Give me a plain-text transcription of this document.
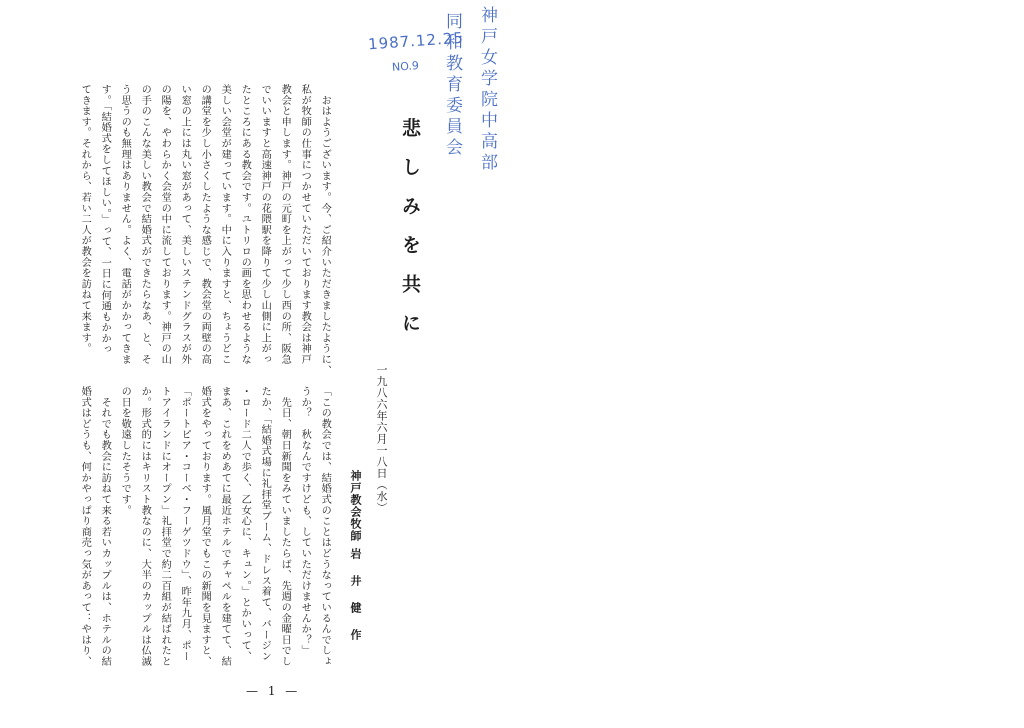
1987.12.25
NO.9	神戸女学院中高部
同和教育委員会
悲しみを共に
一九八六年六月一八日（水）
神戸教会牧師岩井健作
「この教会では、結婚式のことはどうなっているんでしょ
うか？　秋なんですけども、していただけませんか？」
　先日、朝日新聞をみていましたらば、先週の金曜日でし
たか、「結婚式場に礼拝堂ブーム、ドレス着て、バージン
・ロード二人で歩く、乙女心に、キュン。」とかいって、
まあ、これをめあてに最近ホテルでチャペルを建てて、結
婚式をやっております。風月堂でもこの新聞を見ますと、
「ポートピア・コーベ・フーゲツドウ」、昨年九月、ポー
トアイランドにオープン」礼拝堂で約二百組が結ばれたと
か。形式的にはキリスト教なのに、大半のカップルは仏滅
の日を敬遠したそうです。
　それでも教会に訪ねて来る若いカップルは、ホテルの結
婚式はどうも、何かやっぱり商売っ気があって：やはり、
　おはようございます。今、ご紹介いただきましたように、
私が牧師の仕事につかせていただいております教会は神戸
教会と申します。神戸の元町を上がって少し西の所、阪急
でいいますと高速神戸の花隈駅を降りて少し山側に上がっ
たところにある教会です。ユトリロの画を思わせるような
美しい会堂が建っています。中に入りますと、ちょうどこ
の講堂を少し小さくしたような感じで、教会堂の両壁の高
い窓の上には丸い窓があって、美しいステンドグラスが外
の陽を、やわらかく会堂の中に流しております。神戸の山
の手のこんな美しい教会で結婚式ができたらなあ、と、そ
う思うのも無理はありません。よく、電話がかかってきま
す。「結婚式をしてほしい。」って、一日に何通もかかっ
てきます。それから、若い二人が教会を訪ねて来ます。
— 1 —
